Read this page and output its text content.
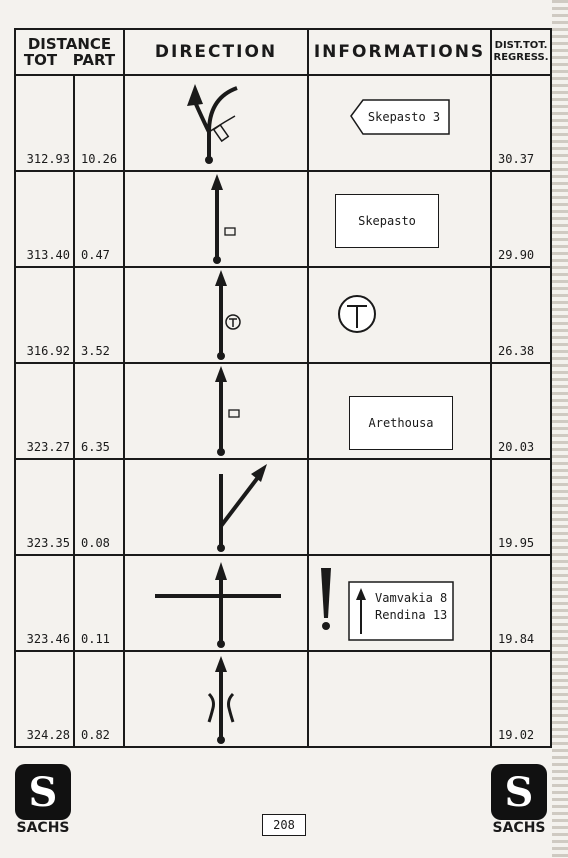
DISTANCE
TOT PART		DIRECTION	INFORMATIONS	DIST.TOT.
REGRESS.

312.93	10.26		Skepasto 3	30.37

313.40	0.47		Skepasto	29.90

316.92	3.52			26.38

323.27	6.35		Arethousa	20.03

323.35	0.08			19.95

323.46	0.11		Vamvakia 8
Rendina 13	19.84

324.28	0.82			19.02
S
SACHS	208
S
SACHS
